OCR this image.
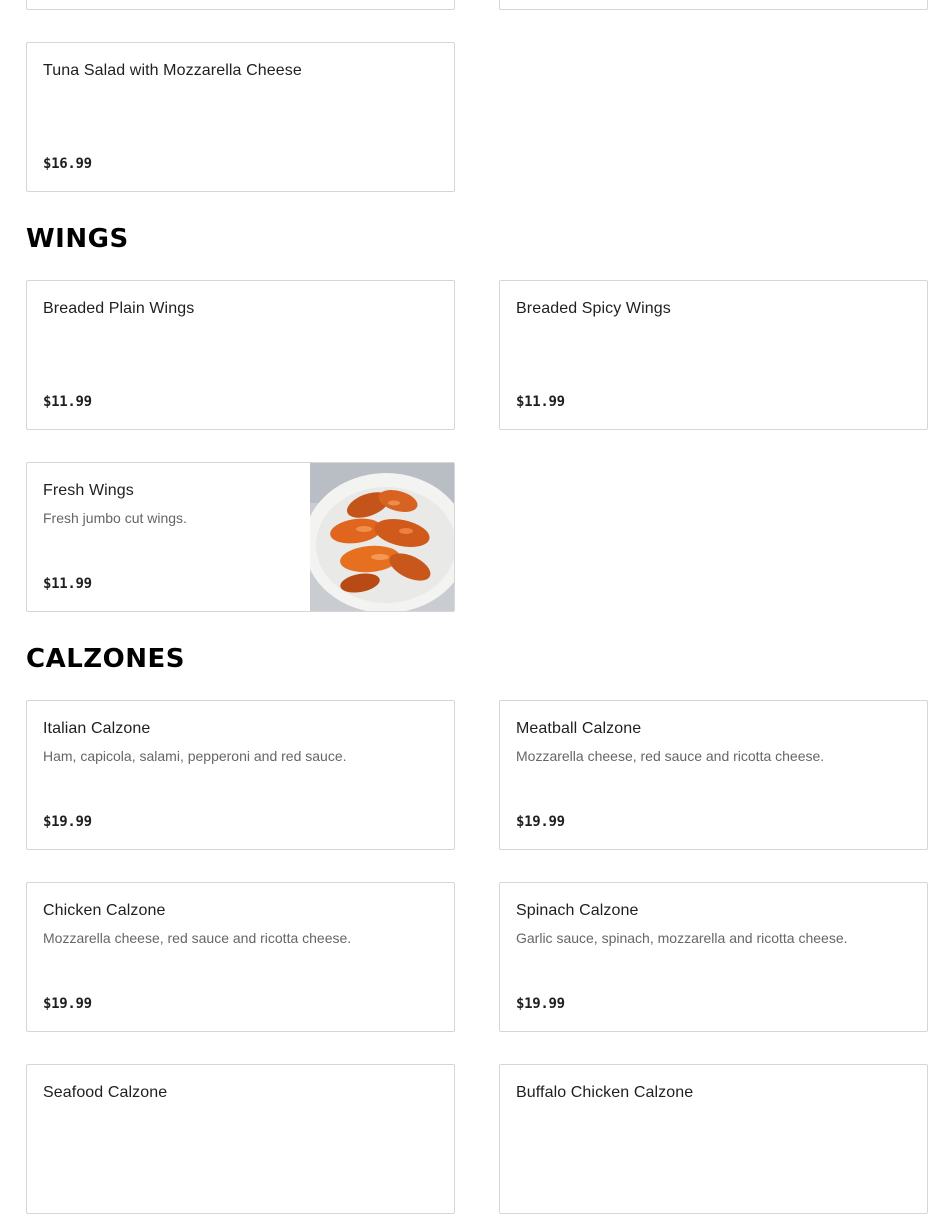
Tuna Salad with Mozzarella Cheese
$16.99
WINGS
Breaded Plain Wings
$11.99
Breaded Spicy Wings
$11.99
Fresh Wings
Fresh jumbo cut wings.
$11.99
CALZONES
Italian Calzone
Ham, capicola, salami, pepperoni and red sauce.
$19.99
Meatball Calzone
Mozzarella cheese, red sauce and ricotta cheese.
$19.99
Chicken Calzone
Mozzarella cheese, red sauce and ricotta cheese.
$19.99
Spinach Calzone
Garlic sauce, spinach, mozzarella and ricotta cheese.
$19.99
Seafood Calzone	Buffalo Chicken Calzone
